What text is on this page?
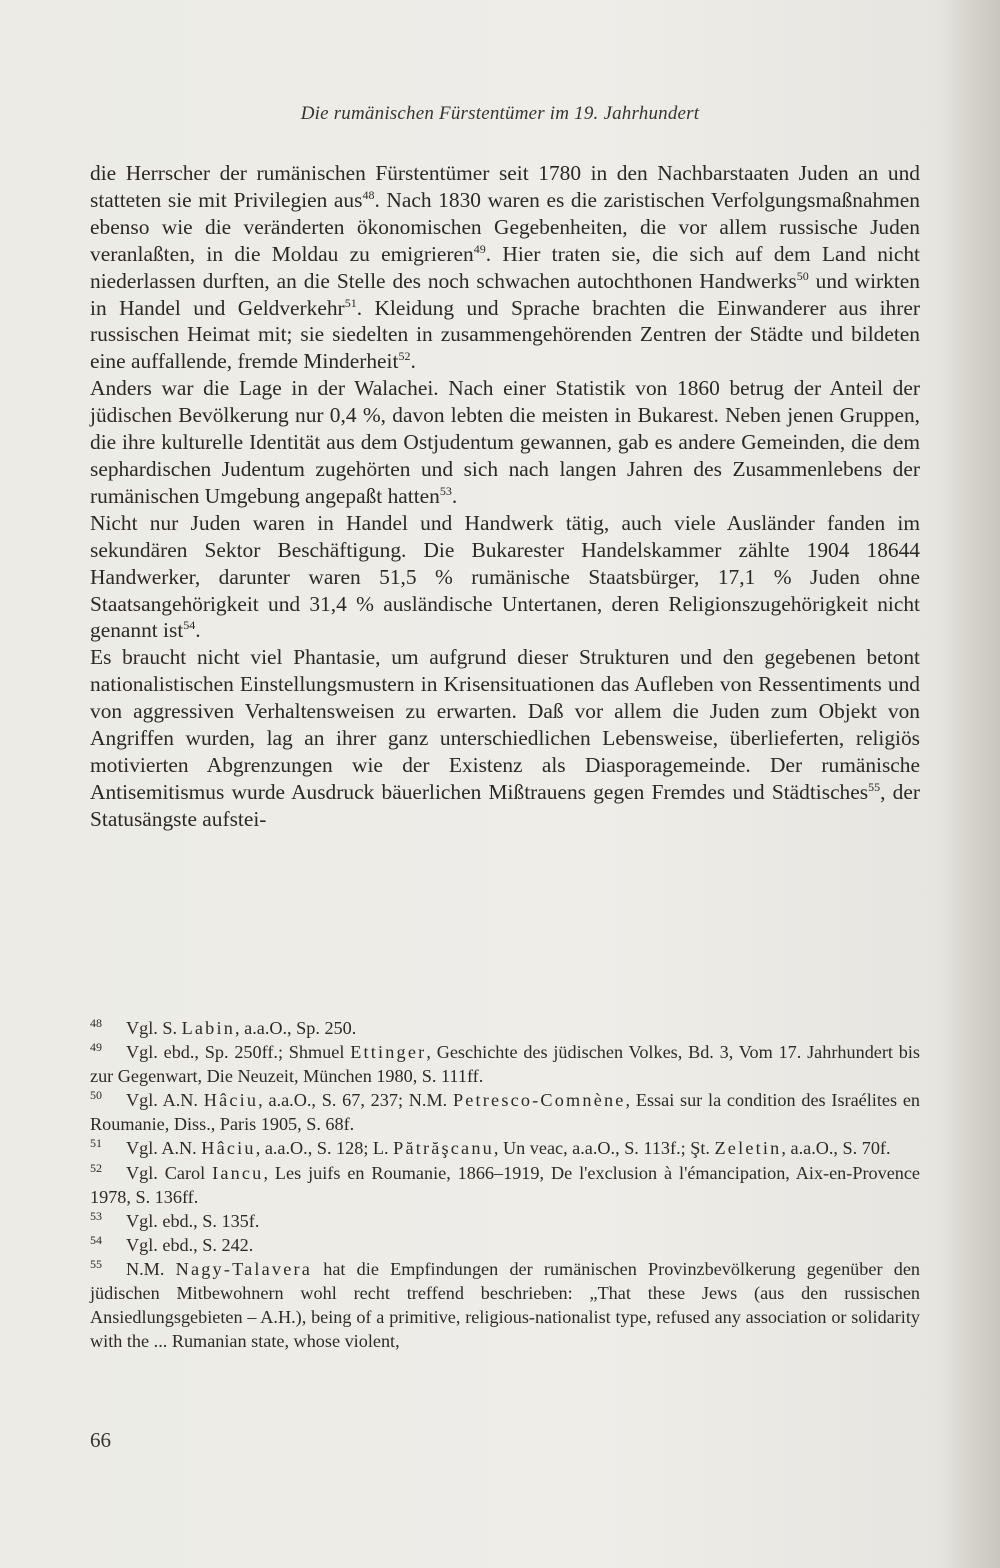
Die rumänischen Fürstentümer im 19. Jahrhundert

die Herrscher der rumänischen Fürstentümer seit 1780 in den Nachbarstaaten Juden an und statteten sie mit Privilegien aus$^{48}$. Nach 1830 waren es die zaristischen Verfolgungsmaßnahmen ebenso wie die veränderten ökonomischen Gegebenheiten, die vor allem russische Juden veranlaßten, in die Moldau zu emigrieren$^{49}$. Hier traten sie, die sich auf dem Land nicht niederlassen durften, an die Stelle des noch schwachen autochthonen Handwerks$^{50}$ und wirkten in Handel und Geldverkehr$^{51}$. Kleidung und Sprache brachten die Einwanderer aus ihrer russischen Heimat mit; sie siedelten in zusammengehörenden Zentren der Städte und bildeten eine auffallende, fremde Minderheit$^{52}$.

Anders war die Lage in der Walachei. Nach einer Statistik von 1860 betrug der Anteil der jüdischen Bevölkerung nur 0,4 %, davon lebten die meisten in Bukarest. Neben jenen Gruppen, die ihre kulturelle Identität aus dem Ostjudentum gewannen, gab es andere Gemeinden, die dem sephardischen Judentum zugehörten und sich nach langen Jahren des Zusammenlebens der rumänischen Umgebung angepaßt hatten$^{53}$.

Nicht nur Juden waren in Handel und Handwerk tätig, auch viele Ausländer fanden im sekundären Sektor Beschäftigung. Die Bukarester Handelskammer zählte 1904 18644 Handwerker, darunter waren 51,5 % rumänische Staatsbürger, 17,1 % Juden ohne Staatsangehörigkeit und 31,4 % ausländische Untertanen, deren Religionszugehörigkeit nicht genannt ist$^{54}$.

Es braucht nicht viel Phantasie, um aufgrund dieser Strukturen und den gegebenen betont nationalistischen Einstellungsmustern in Krisensituationen das Aufleben von Ressentiments und von aggressiven Verhaltensweisen zu erwarten. Daß vor allem die Juden zum Objekt von Angriffen wurden, lag an ihrer ganz unterschiedlichen Lebensweise, überlieferten, religiös motivierten Abgrenzungen wie der Existenz als Diasporagemeinde. Der rumänische Antisemitismus wurde Ausdruck bäuerlichen Mißtrauens gegen Fremdes und Städtisches$^{55}$, der Statusängste aufstei-

48 Vgl. S. Labin, a.a.O., Sp. 250.

49 Vgl. ebd., Sp. 250ff.; Shmuel Ettinger, Geschichte des jüdischen Volkes, Bd. 3, Vom 17. Jahrhundert bis zur Gegenwart, Die Neuzeit, München 1980, S. 111ff.

50 Vgl. A.N. Hâciu, a.a.O., S. 67, 237; N.M. Petresco-Comnène, Essai sur la condition des Israélites en Roumanie, Diss., Paris 1905, S. 68f.

51 Vgl. A.N. Hâciu, a.a.O., S. 128; L. Pătrăşcanu, Un veac, a.a.O., S. 113f.; Şt. Zeletin, a.a.O., S. 70f.

52 Vgl. Carol Iancu, Les juifs en Roumanie, 1866–1919, De l'exclusion à l'émancipation, Aix-en-Provence 1978, S. 136ff.

53 Vgl. ebd., S. 135f.

54 Vgl. ebd., S. 242.

55 N.M. Nagy-Talavera hat die Empfindungen der rumänischen Provinzbevölkerung gegenüber den jüdischen Mitbewohnern wohl recht treffend beschrieben: „That these Jews (aus den russischen Ansiedlungsgebieten – A.H.), being of a primitive, religious-nationalist type, refused any association or solidarity with the ... Rumanian state, whose violent,

66
